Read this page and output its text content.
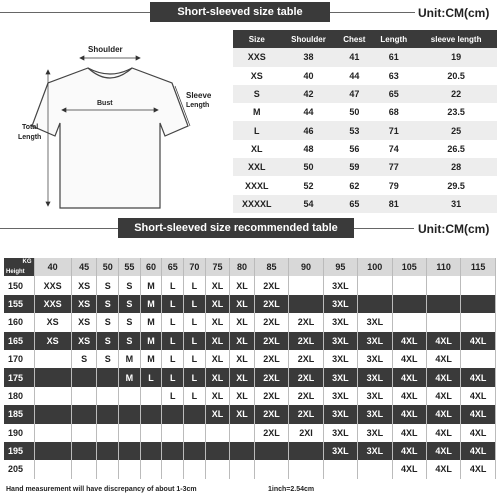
Short-sleeved size table	Unit:CM(cm)
Shoulder
Bust
Sleeve
Length
Total
Length
Size	Shoulder	Chest	Length	sleeve length
XXS	38	41	61	19
XS	40	44	63	20.5
S	42	47	65	22
M	44	50	68	23.5
L	46	53	71	25
XL	48	56	74	26.5
XXL	50	59	77	28
XXXL	52	62	79	29.5
XXXXL	54	65	81	31
Short-sleeved size recommended table	Unit:CM(cm)
KG
Height	40	45	50	55	60	65	70	75	80	85	90	95	100	105	110	115
150	XXS	XS	S	S	M	L	L	XL	XL	2XL		3XL				
155	XXS	XS	S	S	M	L	L	XL	XL	2XL		3XL				
160	XS	XS	S	S	M	L	L	XL	XL	2XL	2XL	3XL	3XL			
165	XS	XS	S	S	M	L	L	XL	XL	2XL	2XL	3XL	3XL	4XL	4XL	4XL
170		S	S	M	M	L	L	XL	XL	2XL	2XL	3XL	3XL	4XL	4XL	
175				M	L	L	L	XL	XL	2XL	2XL	3XL	3XL	4XL	4XL	4XL
180						L	L	XL	XL	2XL	2XL	3XL	3XL	4XL	4XL	4XL
185								XL	XL	2XL	2XL	3XL	3XL	4XL	4XL	4XL
190										2XL	2XI	3XL	3XL	4XL	4XL	4XL
195												3XL	3XL	4XL	4XL	4XL
205														4XL	4XL	4XL
Hand measurement will have discrepancy of about 1-3cm	1inch=2.54cm
